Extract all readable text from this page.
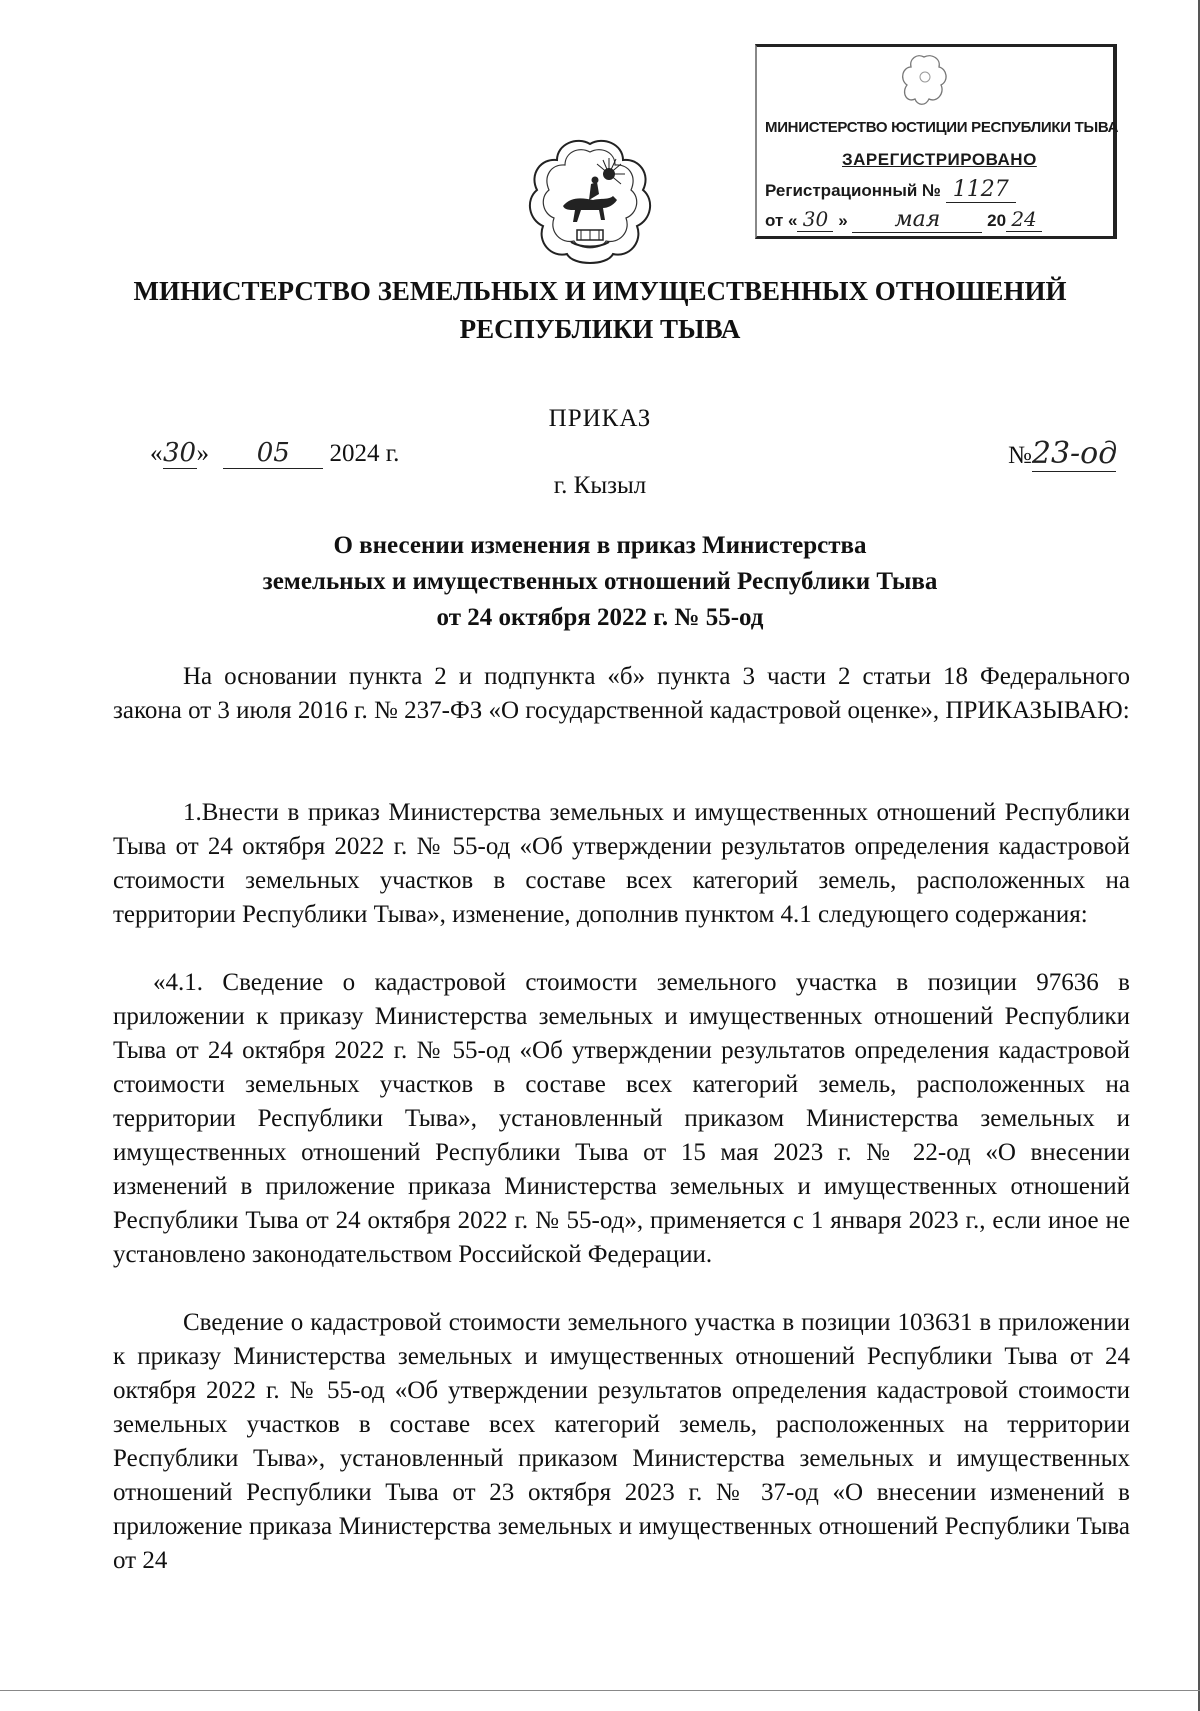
МИНИСТЕРСТВО ЮСТИЦИИ РЕСПУБЛИКИ ТЫВА
ЗАРЕГИСТРИРОВАНО
Регистрационный № 1127
от « 30 » мая	20 24
МИНИСТЕРСТВО ЗЕМЕЛЬНЫХ И ИМУЩЕСТВЕННЫХ ОТНОШЕНИЙ
РЕСПУБЛИКИ ТЫВА
ПРИКАЗ
«30» 05 2024 г.	№23-од
г. Кызыл
О внесении изменения в приказ Министерства
земельных и имущественных отношений Республики Тыва
от 24 октября 2022 г. № 55-од
На основании пункта 2 и подпункта «б» пункта 3 части 2 статьи 18 Федерального закона от 3 июля 2016 г. № 237-ФЗ «О государственной кадастровой оценке», ПРИКАЗЫВАЮ:
1.Внести в приказ Министерства земельных и имущественных отношений Республики Тыва от 24 октября 2022 г. № 55-од «Об утверждении результатов определения кадастровой стоимости земельных участков в составе всех категорий земель, расположенных на территории Республики Тыва», изменение, дополнив пунктом 4.1 следующего содержания:
«4.1. Сведение о кадастровой стоимости земельного участка в позиции 97636 в приложении к приказу Министерства земельных и имущественных отношений Республики Тыва от 24 октября 2022 г. № 55-од «Об утверждении результатов определения кадастровой стоимости земельных участков в составе всех категорий земель, расположенных на территории Республики Тыва», установленный приказом Министерства земельных и имущественных отношений Республики Тыва от 15 мая 2023 г. № 22-од «О внесении изменений в приложение приказа Министерства земельных и имущественных отношений Республики Тыва от 24 октября 2022 г. № 55-од», применяется с 1 января 2023 г., если иное не установлено законодательством Российской Федерации.
Сведение о кадастровой стоимости земельного участка в позиции 103631 в приложении к приказу Министерства земельных и имущественных отношений Республики Тыва от 24 октября 2022 г. № 55-од «Об утверждении результатов определения кадастровой стоимости земельных участков в составе всех категорий земель, расположенных на территории Республики Тыва», установленный приказом Министерства земельных и имущественных отношений Республики Тыва от 23 октября 2023 г. № 37-од «О внесении изменений в приложение приказа Министерства земельных и имущественных отношений Республики Тыва от 24
